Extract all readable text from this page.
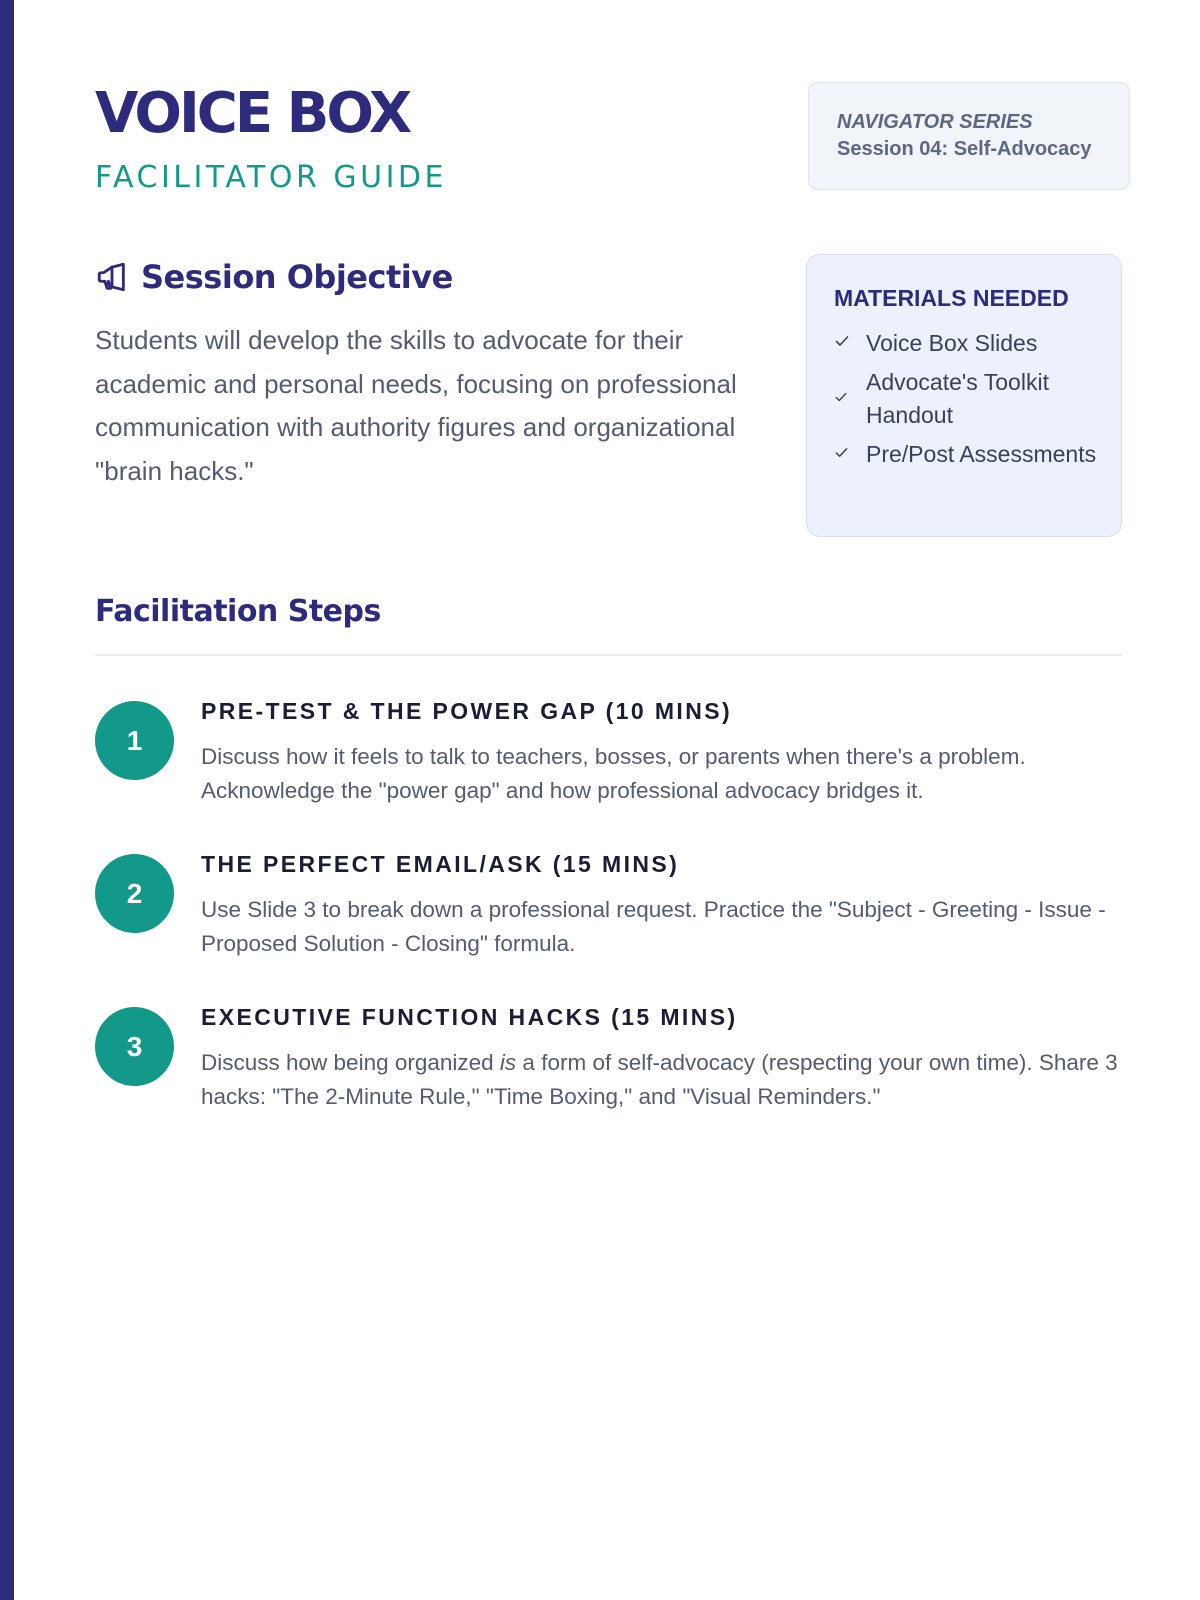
VOICE BOX
FACILITATOR GUIDE
NAVIGATOR SERIES
Session 04: Self-Advocacy
Session Objective

Students will develop the skills to advocate for their academic and personal needs, focusing on professional communication with authority figures and organizational "brain hacks."

MATERIALS NEEDED
Voice Box Slides
Advocate's Toolkit Handout
Pre/Post Assessments
Facilitation Steps
1
PRE-TEST & THE POWER GAP (10 MINS)

Discuss how it feels to talk to teachers, bosses, or parents when there's a problem. Acknowledge the "power gap" and how professional advocacy bridges it.

2
THE PERFECT EMAIL/ASK (15 MINS)

Use Slide 3 to break down a professional request. Practice the "Subject - Greeting - Issue - Proposed Solution - Closing" formula.

3
EXECUTIVE FUNCTION HACKS (15 MINS)

Discuss how being organized is a form of self-advocacy (respecting your own time). Share 3 hacks: "The 2-Minute Rule," "Time Boxing," and "Visual Reminders."
